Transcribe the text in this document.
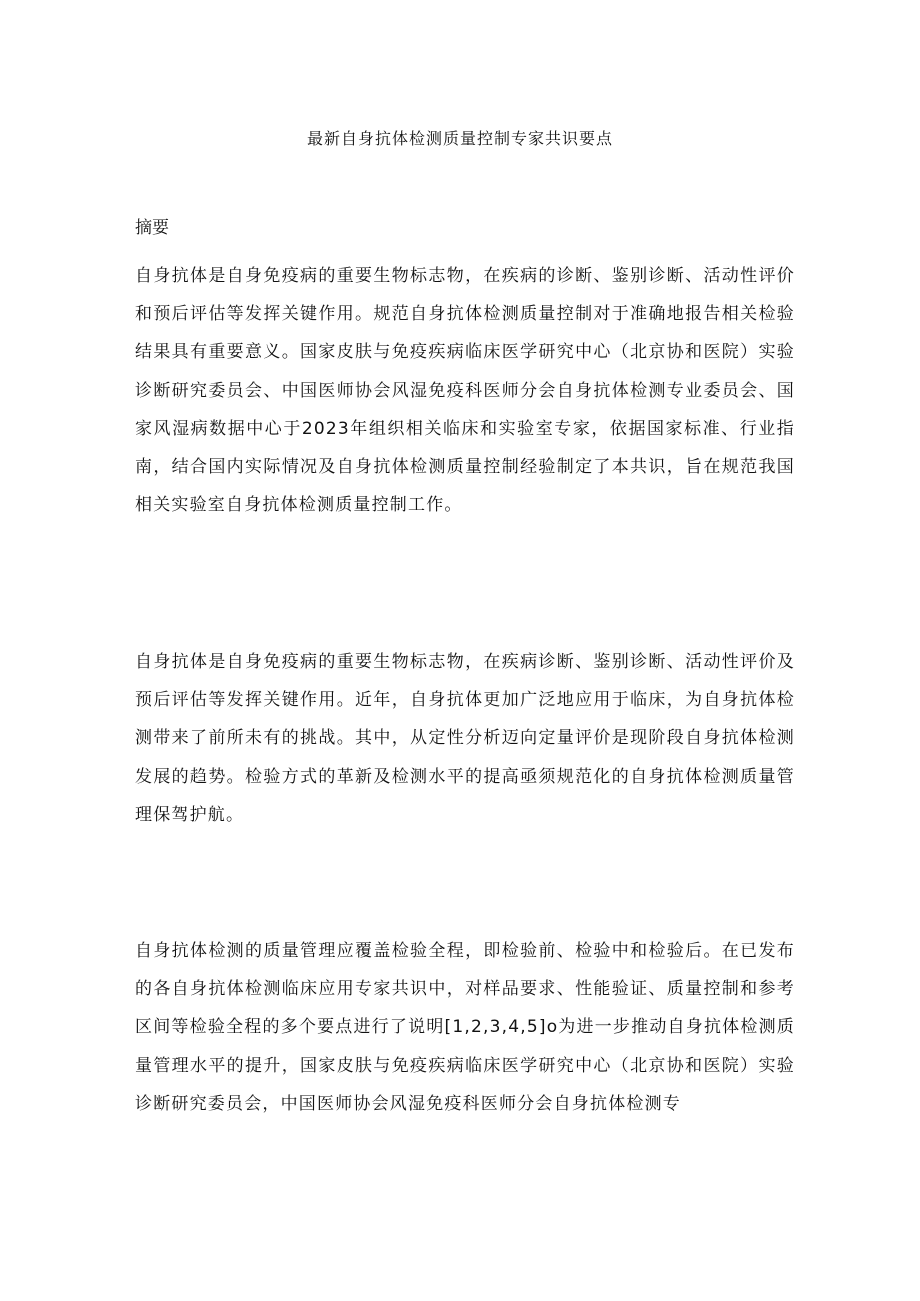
最新自身抗体检测质量控制专家共识要点
摘要

自身抗体是自身免疫病的重要生物标志物，在疾病的诊断、鉴别诊断、活动性评价和预后评估等发挥关键作用。规范自身抗体检测质量控制对于准确地报告相关检验结果具有重要意义。国家皮肤与免疫疾病临床医学研究中心（北京协和医院）实验诊断研究委员会、中国医师协会风湿免疫科医师分会自身抗体检测专业委员会、国家风湿病数据中心于2023年组织相关临床和实验室专家，依据国家标准、行业指南，结合国内实际情况及自身抗体检测质量控制经验制定了本共识，旨在规范我国相关实验室自身抗体检测质量控制工作。

自身抗体是自身免疫病的重要生物标志物，在疾病诊断、鉴别诊断、活动性评价及预后评估等发挥关键作用。近年，自身抗体更加广泛地应用于临床，为自身抗体检测带来了前所未有的挑战。其中，从定性分析迈向定量评价是现阶段自身抗体检测发展的趋势。检验方式的革新及检测水平的提高亟须规范化的自身抗体检测质量管理保驾护航。

自身抗体检测的质量管理应覆盖检验全程，即检验前、检验中和检验后。在已发布的各自身抗体检测临床应用专家共识中，对样品要求、性能验证、质量控制和参考区间等检验全程的多个要点进行了说明[1,2,3,4,5]o为进一步推动自身抗体检测质量管理水平的提升，国家皮肤与免疫疾病临床医学研究中心（北京协和医院）实验诊断研究委员会，中国医师协会风湿免疫科医师分会自身抗体检测专
